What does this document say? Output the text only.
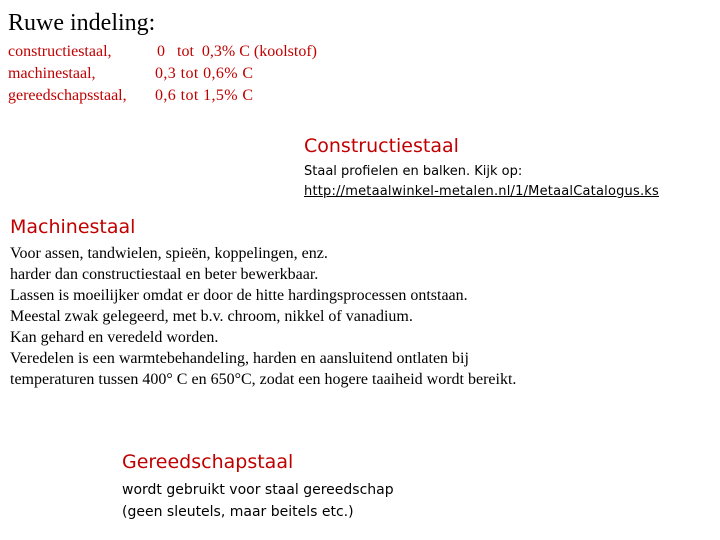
Ruwe indeling:
constructiestaal,	0   tot  0,3% C (koolstof)
machinestaal,	0,3 tot 0,6% C
gereedschapsstaal, 0,6 tot 1,5% C
Constructiestaal
Staal profielen en balken. Kijk op:
http://metaalwinkel-metalen.nl/1/MetaalCatalogus.ks
Machinestaal
Voor assen, tandwielen, spieën, koppelingen, enz.
harder dan constructiestaal en beter bewerkbaar.
Lassen is moeilijker omdat er door de hitte hardingsprocessen ontstaan.
Meestal zwak gelegeerd, met b.v. chroom, nikkel of vanadium.
Kan gehard en veredeld worden.
Veredelen is een warmtebehandeling, harden en aansluitend ontlaten bij
temperaturen tussen 400° C en 650°C, zodat een hogere taaiheid wordt bereikt.
Gereedschapstaal
wordt gebruikt voor staal gereedschap
(geen sleutels, maar beitels etc.)
